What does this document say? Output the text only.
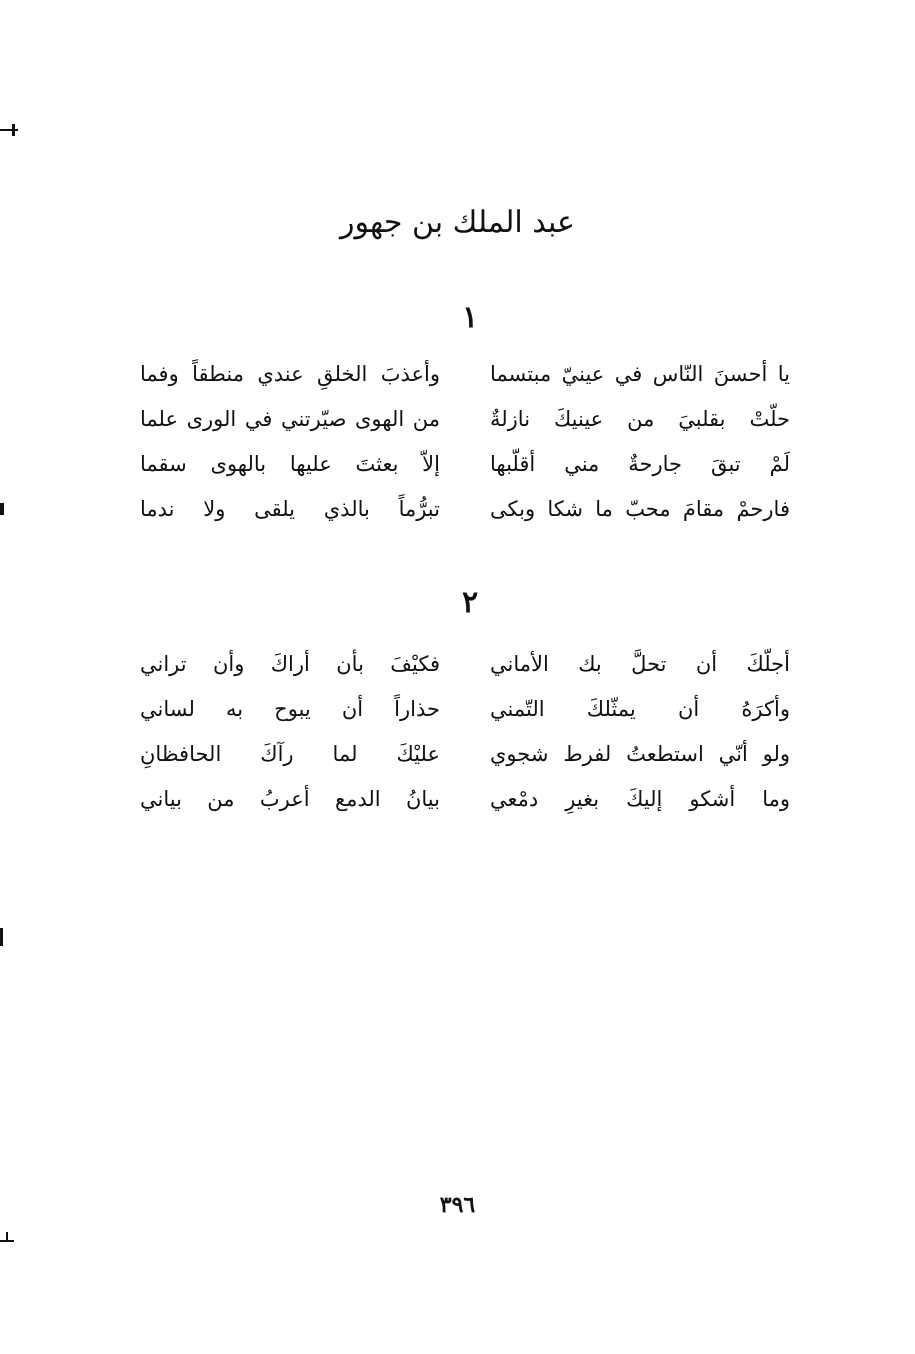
عبد الملك بن جهور
١
يا أحسنَ النّاس في عينيّ مبتسما
وأعذبَ الخلقِ عندي منطقاً وفما
حلّتْ بقلبيَ من عينيكَ نازلةٌ
من الهوى صيّرتني في الورى علما
لَمْ تبقَ جارحةٌ مني أقلّبها
إلاّ بعثتَ عليها بالهوى سقما
فارحمْ مقامَ محبّ ما شكا وبكى
تبرُّماً بالذي يلقى ولا ندما
٢
أجلّكَ أن تحلَّ بك الأماني
فكيْفَ بأن أراكَ وأن تراني
وأكرَهُ أن يمثّلكَ التّمني
حذاراً أن يبوح به لساني
ولو أنّي استطعتُ لفرط شجوي
عليْكَ لما رآكَ الحافظانِ
وما أشكو إليكَ بغيرِ دمْعي
بيانُ الدمع أعربُ من بياني
٣٩٦
